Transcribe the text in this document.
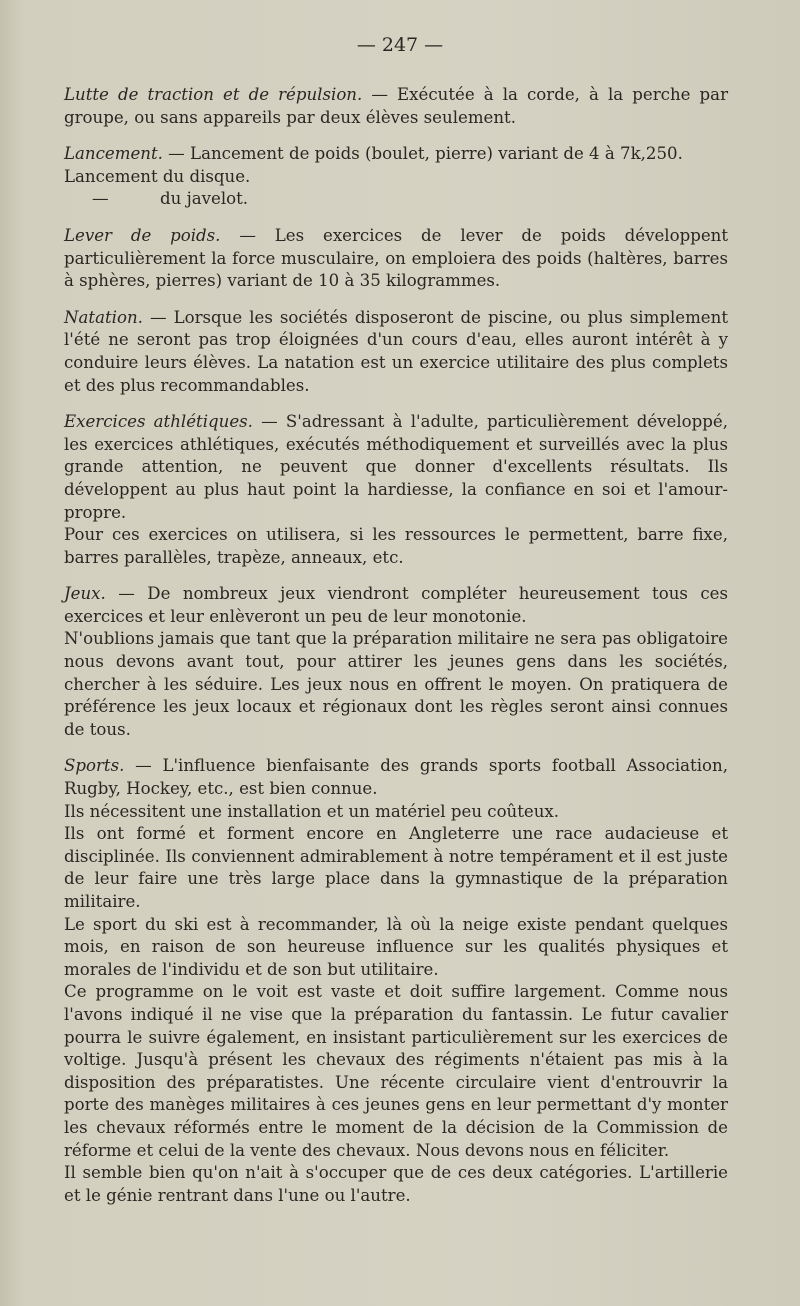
— 247 —

Lutte de traction et de répulsion. — Exécutée à la corde, à la perche par groupe, ou sans appareils par deux élèves seulement.

Lancement. — Lancement de poids (boulet, pierre) variant de 4 à 7k,250.

Lancement du disque.

—	du javelot.

Lever de poids. — Les exercices de lever de poids développent particulièrement la force musculaire, on emploiera des poids (haltères, barres à sphères, pierres) variant de 10 à 35 kilogrammes.

Natation. — Lorsque les sociétés disposeront de piscine, ou plus simplement l'été ne seront pas trop éloignées d'un cours d'eau, elles auront intérêt à y conduire leurs élèves. La natation est un exercice utilitaire des plus complets et des plus recommandables.

Exercices athlétiques. — S'adressant à l'adulte, particulièrement développé, les exercices athlétiques, exécutés méthodiquement et surveillés avec la plus grande attention, ne peuvent que donner d'excellents résultats. Ils développent au plus haut point la hardiesse, la confiance en soi et l'amour-propre.

Pour ces exercices on utilisera, si les ressources le permettent, barre fixe, barres parallèles, trapèze, anneaux, etc.

Jeux. — De nombreux jeux viendront compléter heureusement tous ces exercices et leur enlèveront un peu de leur monotonie.

N'oublions jamais que tant que la préparation militaire ne sera pas obligatoire nous devons avant tout, pour attirer les jeunes gens dans les sociétés, chercher à les séduire. Les jeux nous en offrent le moyen. On pratiquera de préférence les jeux locaux et régionaux dont les règles seront ainsi connues de tous.

Sports. — L'influence bienfaisante des grands sports football Association, Rugby, Hockey, etc., est bien connue.

Ils nécessitent une installation et un matériel peu coûteux.

Ils ont formé et forment encore en Angleterre une race audacieuse et disciplinée. Ils conviennent admirablement à notre tempérament et il est juste de leur faire une très large place dans la gymnastique de la préparation militaire.

Le sport du ski est à recommander, là où la neige existe pendant quelques mois, en raison de son heureuse influence sur les qualités physiques et morales de l'individu et de son but utilitaire.

Ce programme on le voit est vaste et doit suffire largement. Comme nous l'avons indiqué il ne vise que la préparation du fantassin. Le futur cavalier pourra le suivre également, en insistant particulièrement sur les exercices de voltige. Jusqu'à présent les chevaux des régiments n'étaient pas mis à la disposition des préparatistes. Une récente circulaire vient d'entrouvrir la porte des manèges militaires à ces jeunes gens en leur permettant d'y monter les chevaux réformés entre le moment de la décision de la Commission de réforme et celui de la vente des chevaux. Nous devons nous en féliciter.

Il semble bien qu'on n'ait à s'occuper que de ces deux catégories. L'artillerie et le génie rentrant dans l'une ou l'autre.
